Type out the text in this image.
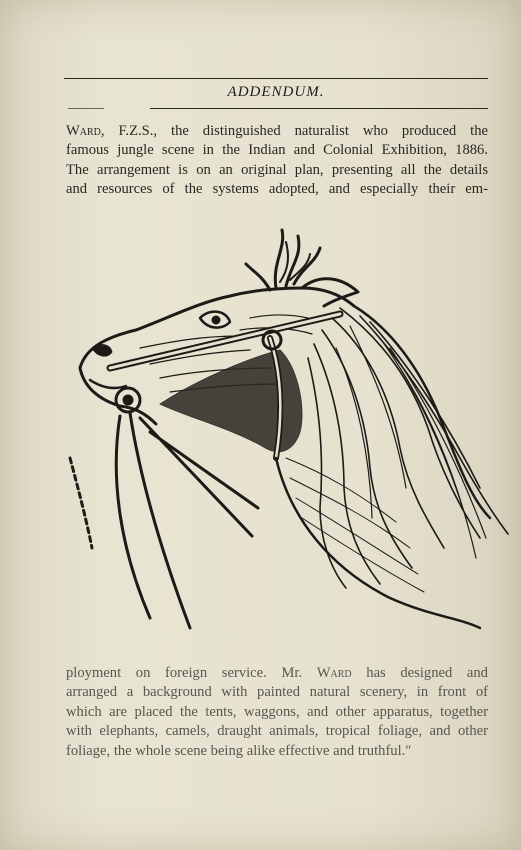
ADDENDUM.
Ward, F.Z.S., the distinguished naturalist who produced the
famous jungle scene in the Indian and Colonial Exhibition, 1886.
The arrangement is on an original plan, presenting all the details
and resources of the systems adopted, and especially their em-
ployment on foreign service. Mr. Ward has designed and
arranged a background with painted natural scenery, in front of
which are placed the tents, waggons, and other apparatus, together
with elephants, camels, draught animals, tropical foliage, and other
foliage, the whole scene being alike effective and truthful."
